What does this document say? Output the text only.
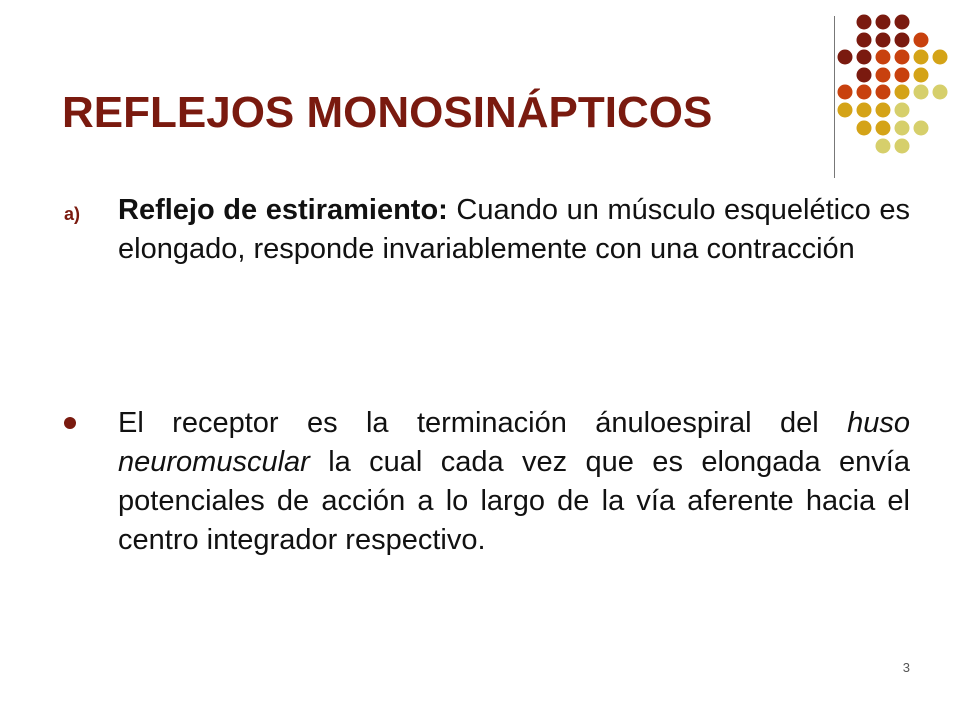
REFLEJOS MONOSINÁPTICOS
a) Reflejo de estiramiento: Cuando un músculo esquelético es elongado, responde invariablemente con una contracción

El receptor es la terminación ánuloespiral del huso neuromuscular la cual cada vez que es elongada envía potenciales de acción a lo largo de la vía aferente hacia el centro integrador respectivo.

3
